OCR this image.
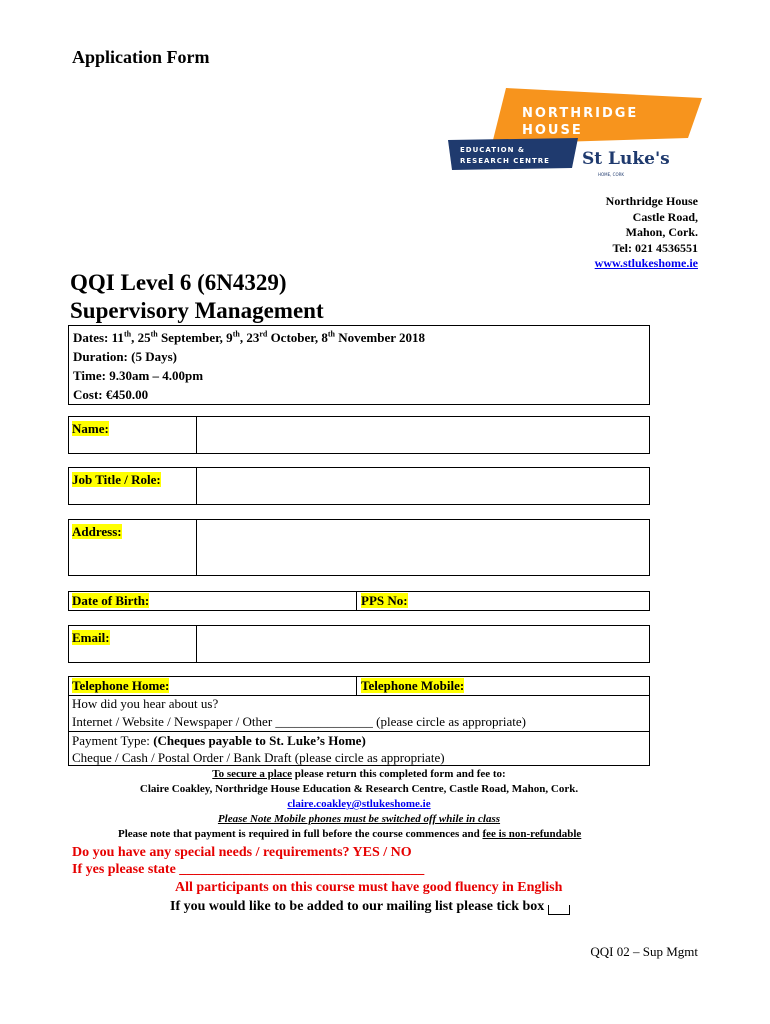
Application Form
NORTHRIDGE
HOUSE
EDUCATION &
RESEARCH CENTRE St Luke's
HOME, CORK
Northridge House
Castle Road,
Mahon, Cork.
Tel: 021 4536551
www.stlukeshome.ie
QQI Level 6 (6N4329)
Supervisory Management
Dates: 11th, 25th September, 9th, 23rd October, 8th November 2018
Duration: (5 Days)
Time: 9.30am – 4.00pm
Cost: €450.00
Name:
Job Title / Role:
Address:
Date of Birth:	PPS No:
Email:
Telephone Home:	Telephone Mobile:
How did you hear about us?
Internet / Website / Newspaper / Other _______________ (please circle as appropriate)
Payment Type: (Cheques payable to St. Luke’s Home)
Cheque / Cash / Postal Order / Bank Draft (please circle as appropriate)
To secure a place please return this completed form and fee to:
Claire Coakley, Northridge House Education & Research Centre, Castle Road, Mahon, Cork.
claire.coakley@stlukeshome.ie
Please Note Mobile phones must be switched off while in class
Please note that payment is required in full before the course commences and fee is non-refundable
Do you have any special needs / requirements? YES / NO
If yes please state ___________________________________
All participants on this course must have good fluency in English
If you would like to be added to our mailing list please tick box
QQI 02 – Sup Mgmt
